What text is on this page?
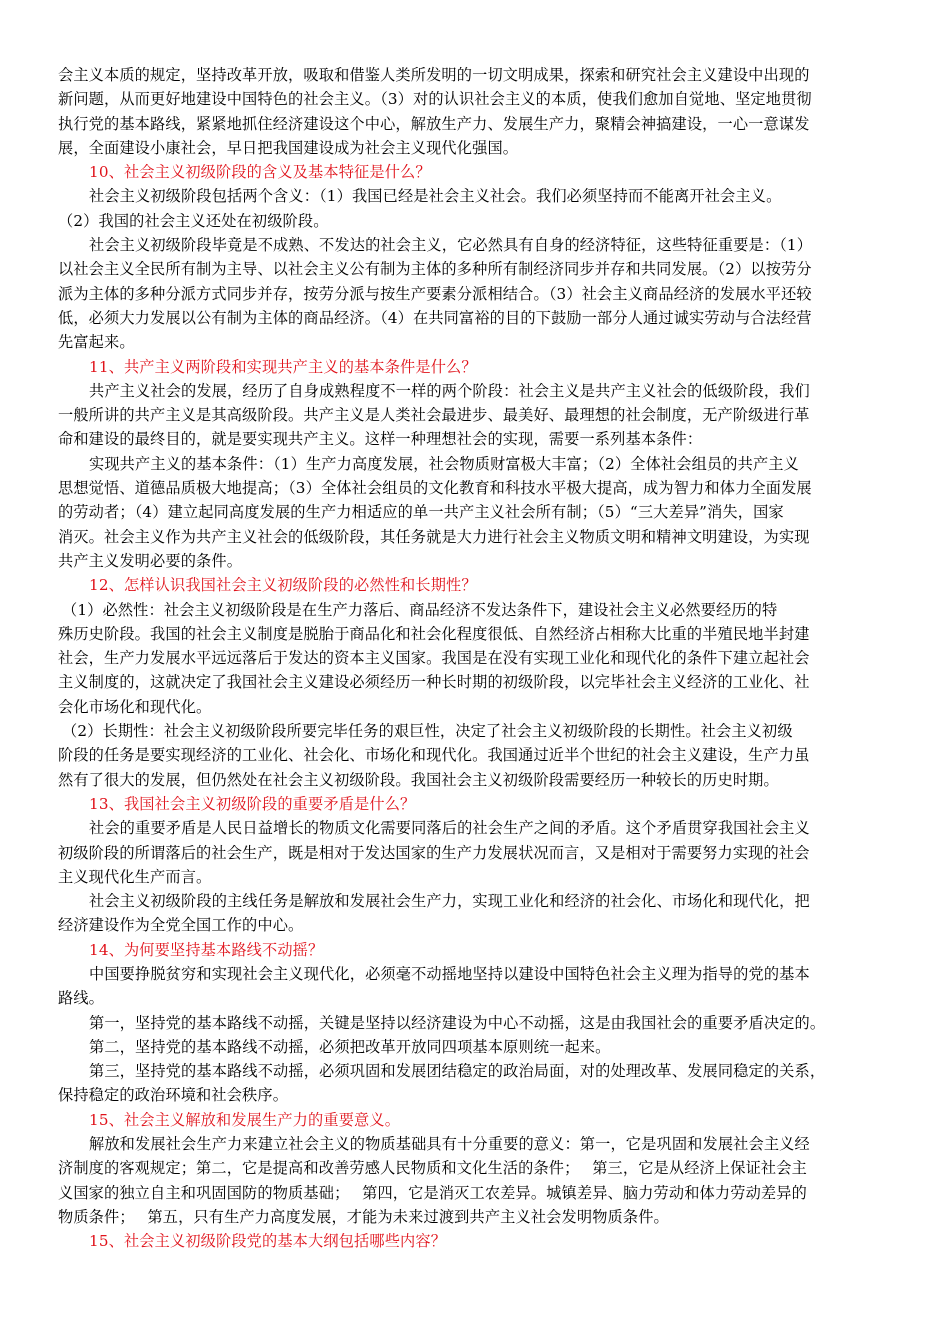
会主义本质的规定，坚持改革开放，吸取和借鉴人类所发明的一切文明成果，探索和研究社会主义建设中出现的
新问题，从而更好地建设中国特色的社会主义。（3）对的认识社会主义的本质，使我们愈加自觉地、坚定地贯彻
执行党的基本路线，紧紧地抓住经济建设这个中心，解放生产力、发展生产力，聚精会神搞建设，一心一意谋发
展，全面建设小康社会，早日把我国建设成为社会主义现代化强国。
10、社会主义初级阶段的含义及基本特征是什么？
社会主义初级阶段包括两个含义：（1）我国已经是社会主义社会。我们必须坚持而不能离开社会主义。
（2）我国的社会主义还处在初级阶段。
社会主义初级阶段毕竟是不成熟、不发达的社会主义，它必然具有自身的经济特征，这些特征重要是：（1）
以社会主义全民所有制为主导、以社会主义公有制为主体的多种所有制经济同步并存和共同发展。（2）以按劳分
派为主体的多种分派方式同步并存，按劳分派与按生产要素分派相结合。（3）社会主义商品经济的发展水平还较
低，必须大力发展以公有制为主体的商品经济。（4）在共同富裕的目的下鼓励一部分人通过诚实劳动与合法经营
先富起来。
11、共产主义两阶段和实现共产主义的基本条件是什么？
共产主义社会的发展，经历了自身成熟程度不一样的两个阶段：社会主义是共产主义社会的低级阶段，我们
一般所讲的共产主义是其高级阶段。共产主义是人类社会最进步、最美好、最理想的社会制度，无产阶级进行革
命和建设的最终目的，就是要实现共产主义。这样一种理想社会的实现，需要一系列基本条件：
实现共产主义的基本条件：（1）生产力高度发展，社会物质财富极大丰富；（2）全体社会组员的共产主义
思想觉悟、道德品质极大地提高；（3）全体社会组员的文化教育和科技水平极大提高，成为智力和体力全面发展
的劳动者；（4）建立起同高度发展的生产力相适应的单一共产主义社会所有制；（5）“三大差异”消失，国家
消灭。社会主义作为共产主义社会的低级阶段，其任务就是大力进行社会主义物质文明和精神文明建设，为实现
共产主义发明必要的条件。
12、怎样认识我国社会主义初级阶段的必然性和长期性？
（1）必然性：社会主义初级阶段是在生产力落后、商品经济不发达条件下，建设社会主义必然要经历的特
殊历史阶段。我国的社会主义制度是脱胎于商品化和社会化程度很低、自然经济占相称大比重的半殖民地半封建
社会，生产力发展水平远远落后于发达的资本主义国家。我国是在没有实现工业化和现代化的条件下建立起社会
主义制度的，这就决定了我国社会主义建设必须经历一种长时期的初级阶段，以完毕社会主义经济的工业化、社
会化市场化和现代化。
（2）长期性：社会主义初级阶段所要完毕任务的艰巨性，决定了社会主义初级阶段的长期性。社会主义初级
阶段的任务是要实现经济的工业化、社会化、市场化和现代化。我国通过近半个世纪的社会主义建设，生产力虽
然有了很大的发展，但仍然处在社会主义初级阶段。我国社会主义初级阶段需要经历一种较长的历史时期。
13、我国社会主义初级阶段的重要矛盾是什么？
社会的重要矛盾是人民日益增长的物质文化需要同落后的社会生产之间的矛盾。这个矛盾贯穿我国社会主义
初级阶段的所谓落后的社会生产，既是相对于发达国家的生产力发展状况而言，又是相对于需要努力实现的社会
主义现代化生产而言。
社会主义初级阶段的主线任务是解放和发展社会生产力，实现工业化和经济的社会化、市场化和现代化，把
经济建设作为全党全国工作的中心。
14、为何要坚持基本路线不动摇？
中国要挣脱贫穷和实现社会主义现代化，必须毫不动摇地坚持以建设中国特色社会主义理为指导的党的基本
路线。
第一，坚持党的基本路线不动摇，关键是坚持以经济建设为中心不动摇，这是由我国社会的重要矛盾决定的。
第二，坚持党的基本路线不动摇，必须把改革开放同四项基本原则统一起来。
第三，坚持党的基本路线不动摇，必须巩固和发展团结稳定的政治局面，对的处理改革、发展同稳定的关系，
保持稳定的政治环境和社会秩序。
15、社会主义解放和发展生产力的重要意义。
解放和发展社会生产力来建立社会主义的物质基础具有十分重要的意义：第一，它是巩固和发展社会主义经
济制度的客观规定；第二，它是提高和改善劳感人民物质和文化生活的条件；　 第三，它是从经济上保证社会主
义国家的独立自主和巩固国防的物质基础；　 第四，它是消灭工农差异。城镇差异、脑力劳动和体力劳动差异的
物质条件；　 第五，只有生产力高度发展，才能为未来过渡到共产主义社会发明物质条件。
15、社会主义初级阶段党的基本大纲包括哪些内容？
